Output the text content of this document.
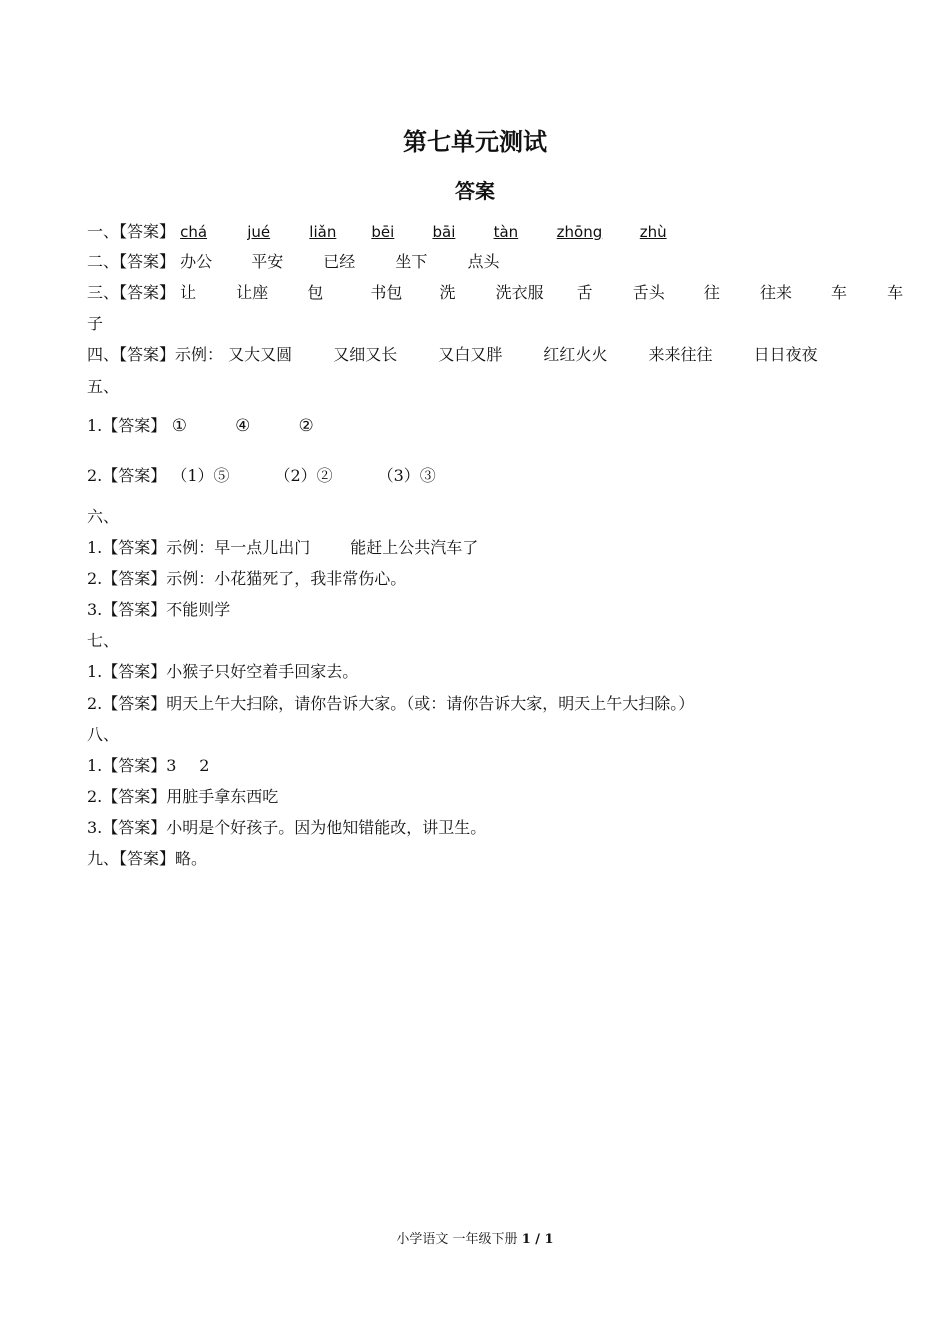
第七单元测试
答案
一、【答案】 chá	jué	liǎn bēi	bāi	tàn	zhōng	zhù
二、【答案】 办公 平安	已经	坐下	点头
三、【答案】 让	让座 包	书包 洗	洗衣服 舌	舌头 往	往来 车	车
子
四、【答案】示例： 又大又圆	又细又长	又白又胖	红红火火	来来往往	日日夜夜
五、
1.【答案】 ①	④	②
2.【答案】 （1）⑤	（2）②	（3）③
六、
1.【答案】示例：早一点儿出门 能赶上公共汽车了
2.【答案】示例：小花猫死了，我非常伤心。
3.【答案】不能则学
七、
1.【答案】小猴子只好空着手回家去。
2.【答案】明天上午大扫除，请你告诉大家。（或：请你告诉大家，明天上午大扫除。）
八、
1.【答案】3 2
2.【答案】用脏手拿东西吃
3.【答案】小明是个好孩子。因为他知错能改，讲卫生。
九、【答案】略。
小学语文 一年级下册 1 / 1
